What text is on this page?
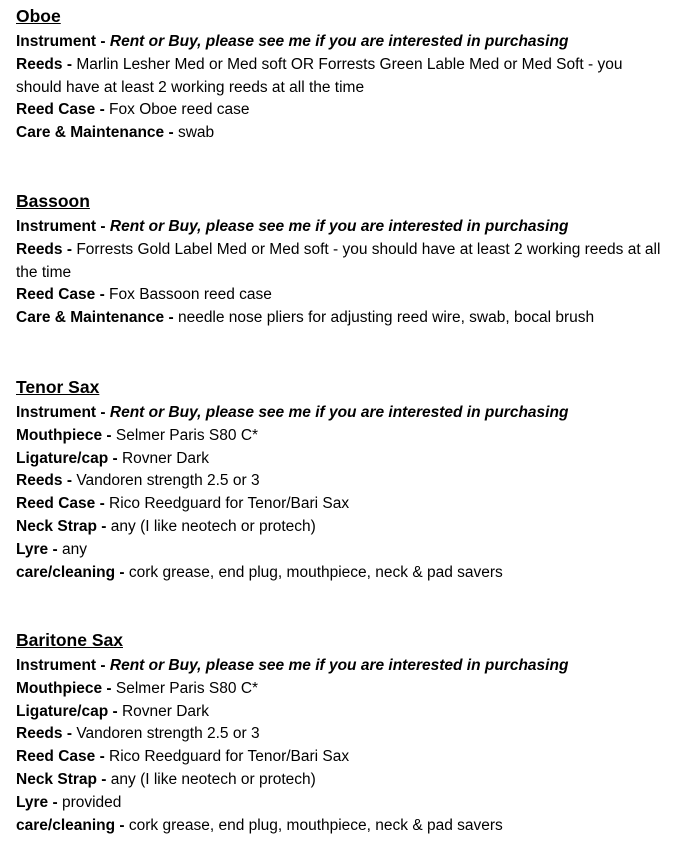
Oboe

Instrument - Rent or Buy, please see me if you are interested in purchasing

Reeds - Marlin Lesher Med or Med soft OR Forrests Green Lable Med or Med Soft - you should have at least 2 working reeds at all the time

Reed Case - Fox Oboe reed case

Care & Maintenance - swab

Bassoon

Instrument - Rent or Buy, please see me if you are interested in purchasing

Reeds - Forrests Gold Label Med or Med soft - you should have at least 2 working reeds at all the time

Reed Case - Fox Bassoon reed case

Care & Maintenance - needle nose pliers for adjusting reed wire, swab, bocal brush

Tenor Sax

Instrument - Rent or Buy, please see me if you are interested in purchasing

Mouthpiece - Selmer Paris S80 C*

Ligature/cap - Rovner Dark

Reeds - Vandoren strength 2.5 or 3

Reed Case - Rico Reedguard for Tenor/Bari Sax

Neck Strap - any (I like neotech or protech)

Lyre - any

care/cleaning - cork grease, end plug, mouthpiece, neck & pad savers

Baritone Sax

Instrument - Rent or Buy, please see me if you are interested in purchasing

Mouthpiece - Selmer Paris S80 C*

Ligature/cap - Rovner Dark

Reeds - Vandoren strength 2.5 or 3

Reed Case - Rico Reedguard for Tenor/Bari Sax

Neck Strap - any (I like neotech or protech)

Lyre - provided

care/cleaning - cork grease, end plug, mouthpiece, neck & pad savers
